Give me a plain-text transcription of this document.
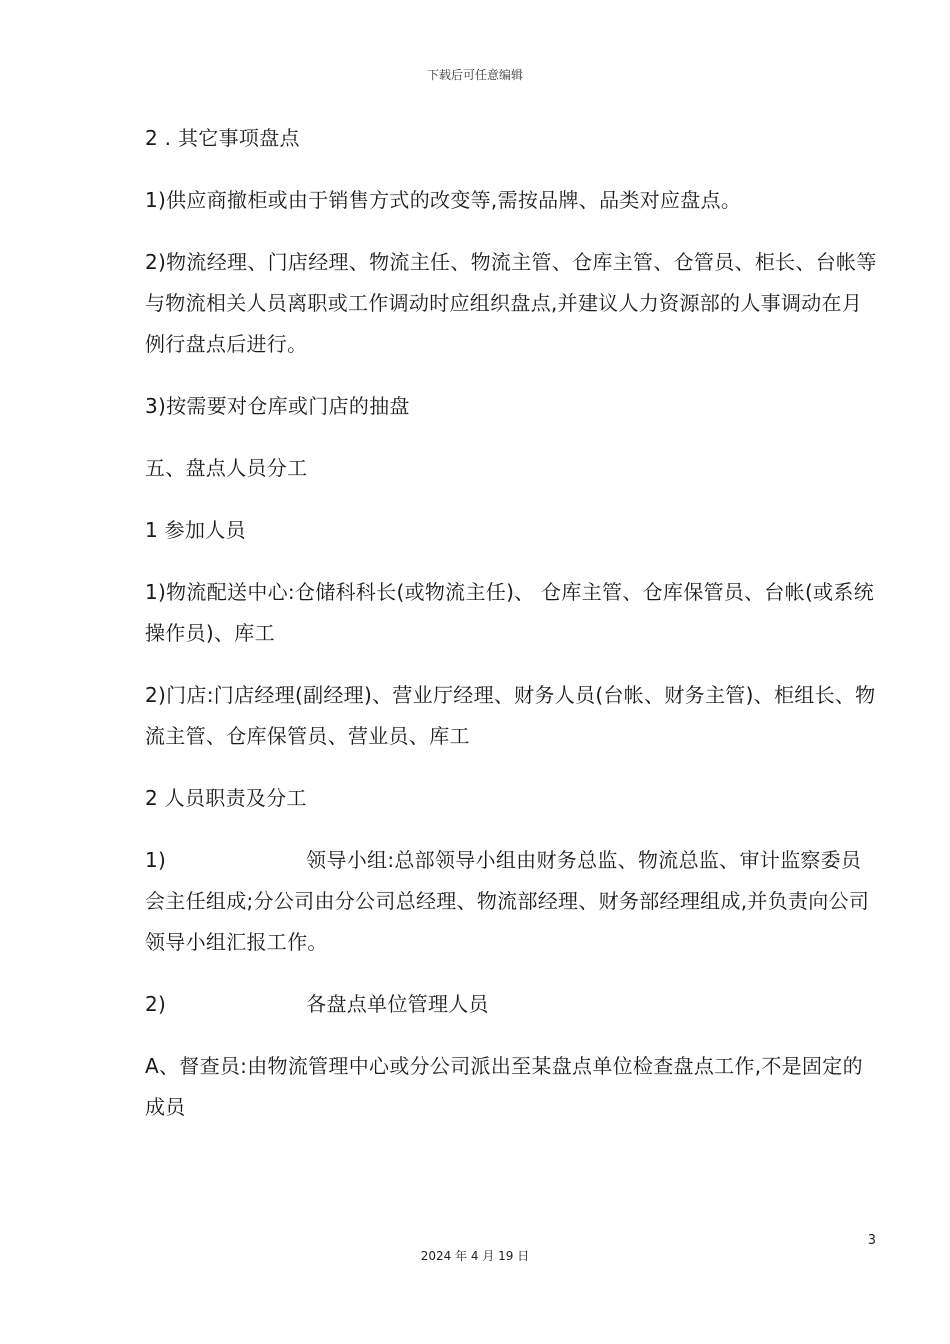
下载后可任意编辑

2 . 其它事项盘点

1)供应商撤柜或由于销售方式的改变等,需按品牌、品类对应盘点。

2)物流经理、门店经理、物流主任、物流主管、仓库主管、仓管员、柜长、台帐等与物流相关人员离职或工作调动时应组织盘点,并建议人力资源部的人事调动在月例行盘点后进行。

3)按需要对仓库或门店的抽盘

五、盘点人员分工

1 参加人员

1)物流配送中心:仓储科科长(或物流主任)、 仓库主管、仓库保管员、台帐(或系统操作员)、库工

2)门店:门店经理(副经理)、营业厅经理、财务人员(台帐、财务主管)、柜组长、物流主管、仓库保管员、营业员、库工

2 人员职责及分工

1)	领导小组:总部领导小组由财务总监、物流总监、审计监察委员会主任组成;分公司由分公司总经理、物流部经理、财务部经理组成,并负责向公司领导小组汇报工作。

2)	各盘点单位管理人员

A、督查员:由物流管理中心或分公司派出至某盘点单位检查盘点工作,不是固定的成员

3
2024 年 4 月 19 日
